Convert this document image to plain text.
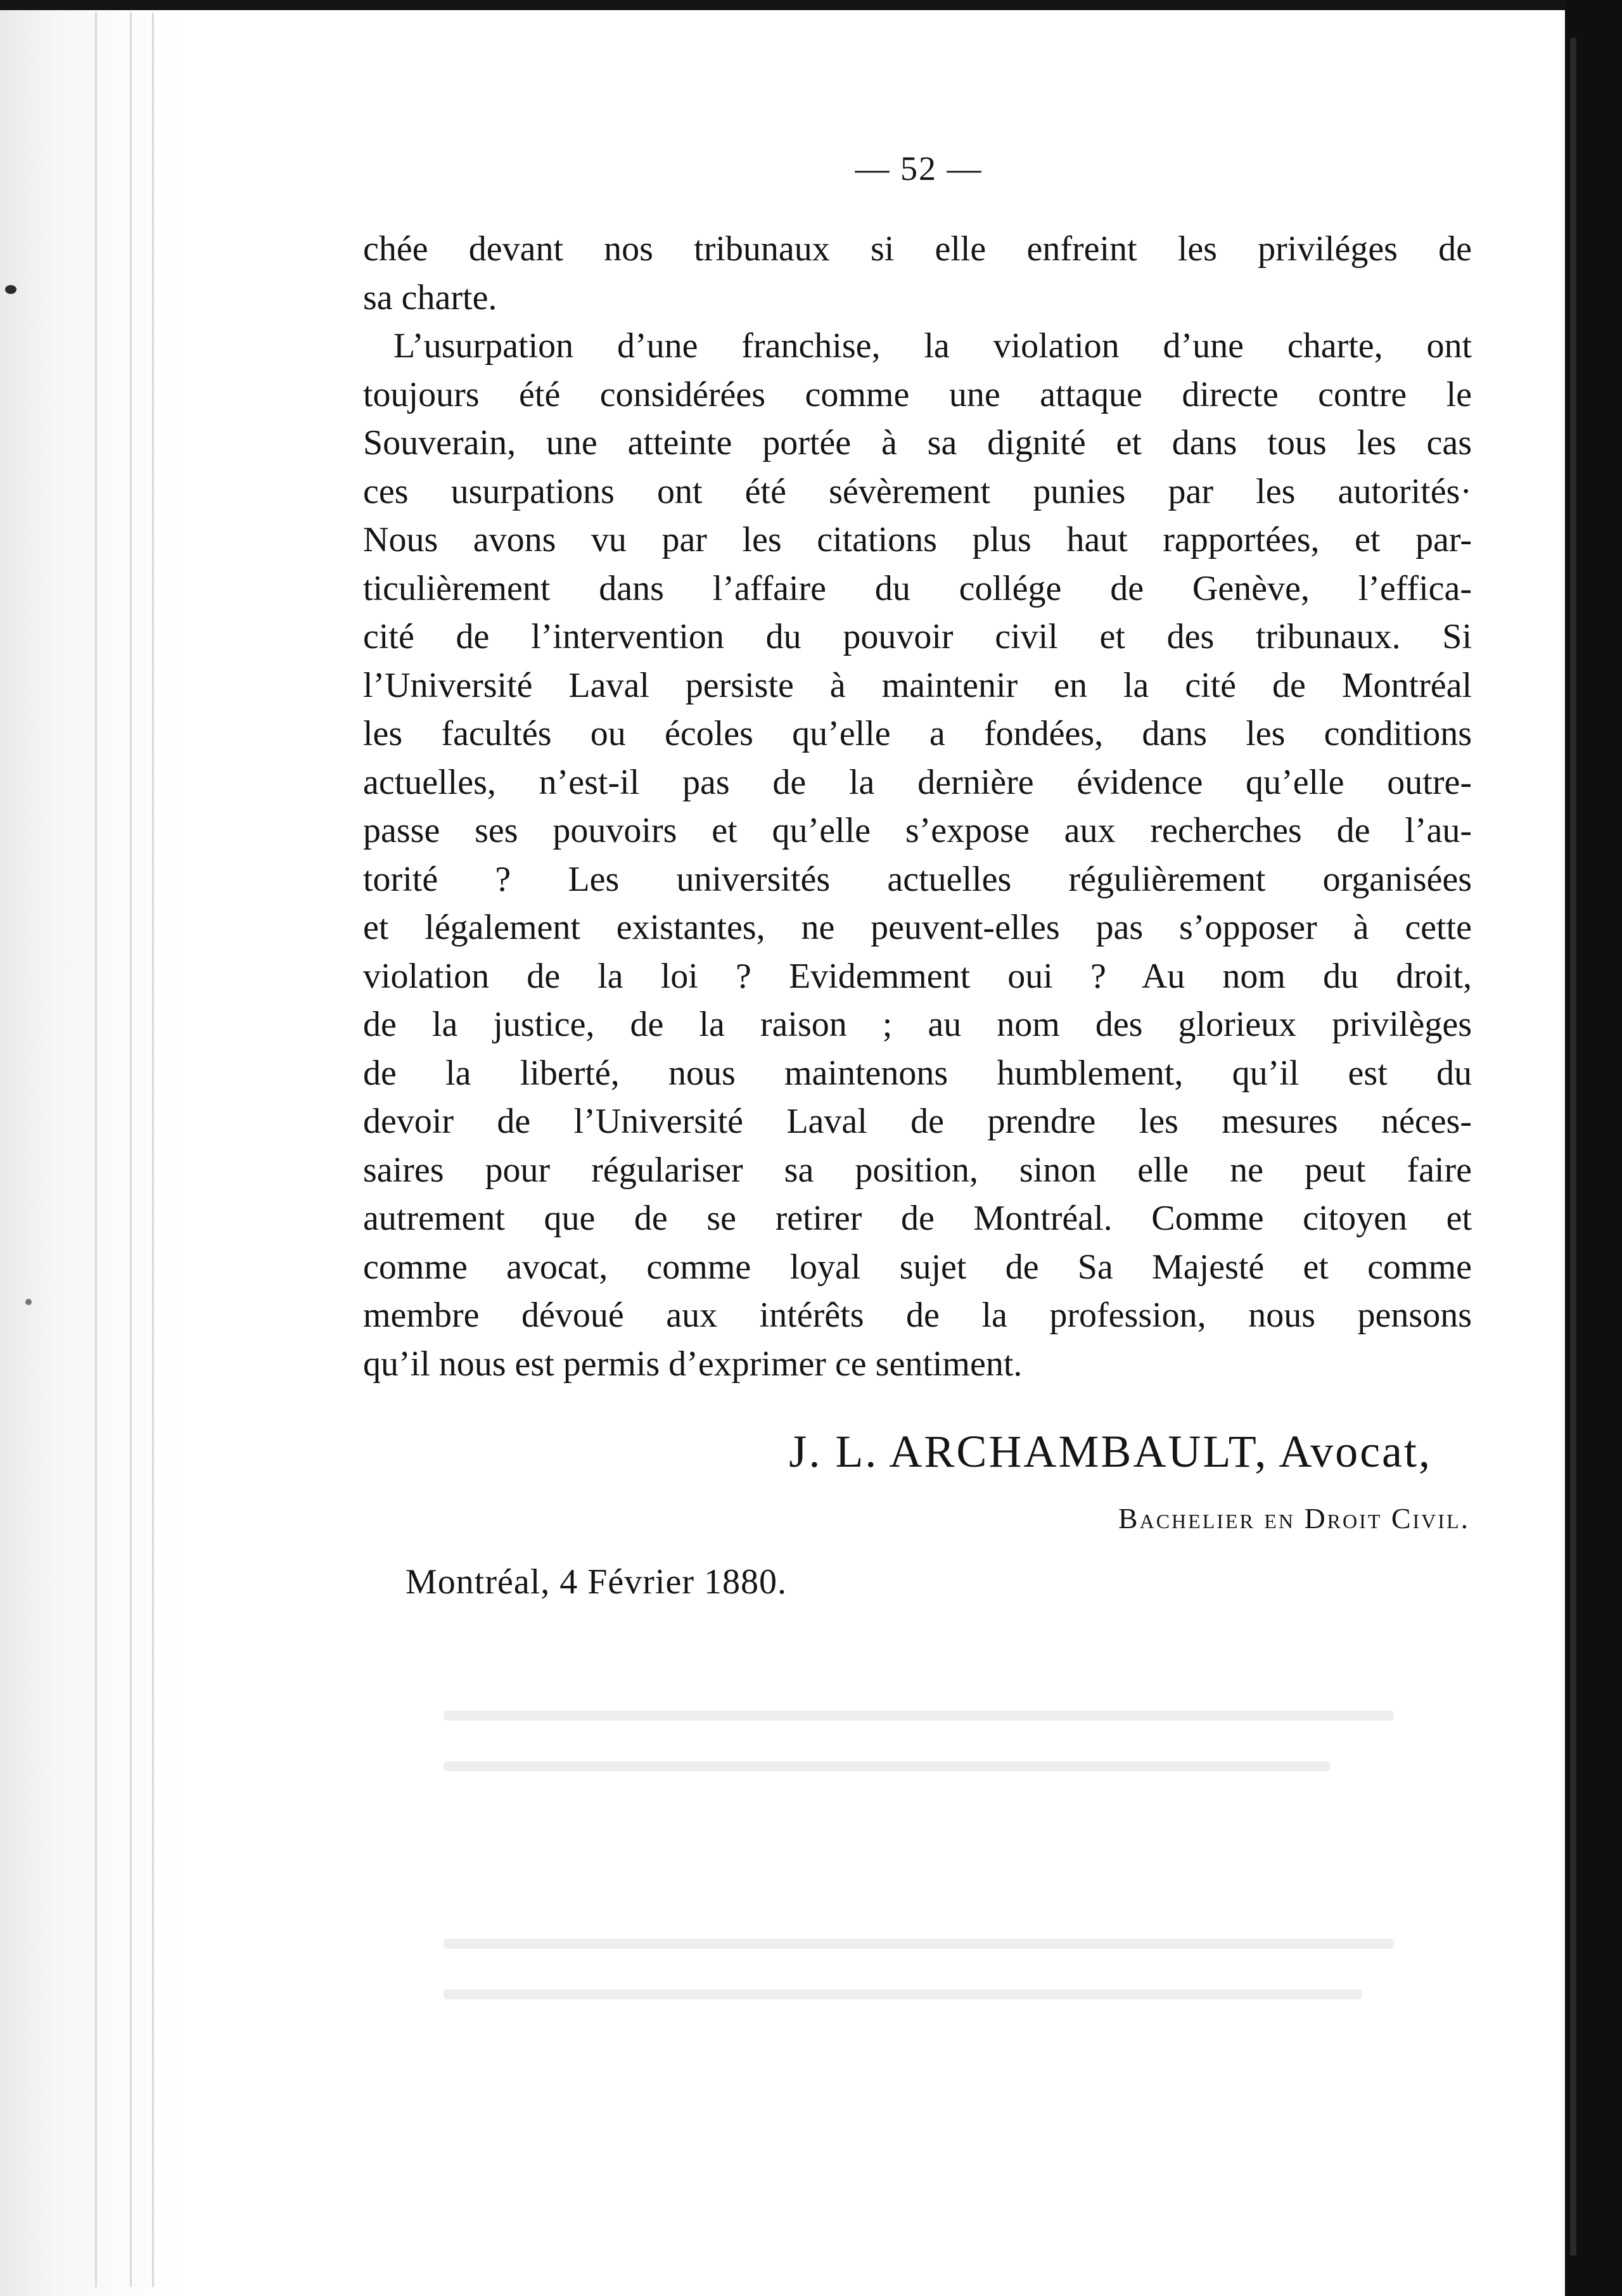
— 52 —
chée devant nos tribunaux si elle enfreint les priviléges de
sa charte.
L’usurpation d’une franchise, la violation d’une charte, ont
toujours été considérées comme une attaque directe contre le
Souverain, une atteinte portée à sa dignité et dans tous les cas
ces usurpations ont été sévèrement punies par les autorités·
Nous avons vu par les citations plus haut rapportées, et par-
ticulièrement dans l’affaire du collége de Genève, l’effica-
cité de l’intervention du pouvoir civil et des tribunaux. Si
l’Université Laval persiste à maintenir en la cité de Montréal
les facultés ou écoles qu’elle a fondées, dans les conditions
actuelles, n’est-il pas de la dernière évidence qu’elle outre-
passe ses pouvoirs et qu’elle s’expose aux recherches de l’au-
torité ? Les universités actuelles régulièrement organisées
et légalement existantes, ne peuvent-elles pas s’opposer à cette
violation de la loi ? Evidemment oui ? Au nom du droit,
de la justice, de la raison ; au nom des glorieux privilèges
de la liberté, nous maintenons humblement, qu’il est du
devoir de l’Université Laval de prendre les mesures néces-
saires pour régulariser sa position, sinon elle ne peut faire
autrement que de se retirer de Montréal. Comme citoyen et
comme avocat, comme loyal sujet de Sa Majesté et comme
membre dévoué aux intérêts de la profession, nous pensons
qu’il nous est permis d’exprimer ce sentiment.
J. L. ARCHAMBAULT, Avocat,
Bachelier en Droit Civil.
Montréal, 4 Février 1880.
